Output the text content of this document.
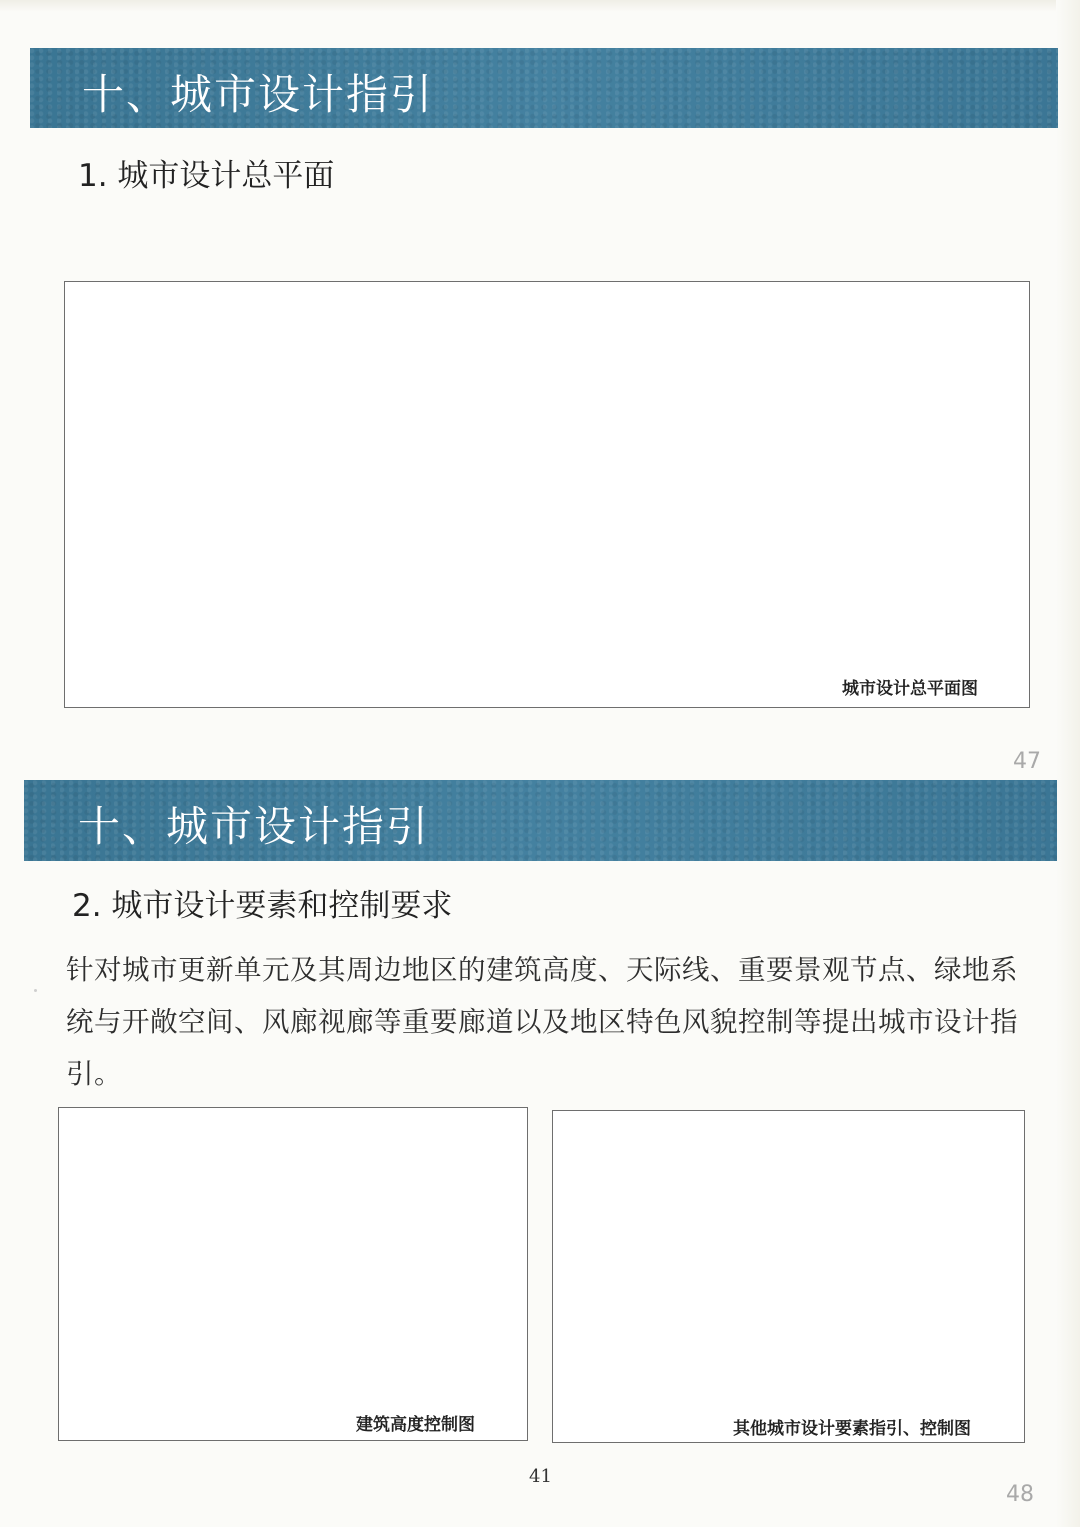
十、城市设计指引
1. 城市设计总平面
城市设计总平面图
47
十、城市设计指引
2. 城市设计要素和控制要求
针对城市更新单元及其周边地区的建筑高度、天际线、重要景观节点、绿地系统与开敞空间、风廊视廊等重要廊道以及地区特色风貌控制等提出城市设计指引。
建筑高度控制图	其他城市设计要素指引、控制图
41
48
